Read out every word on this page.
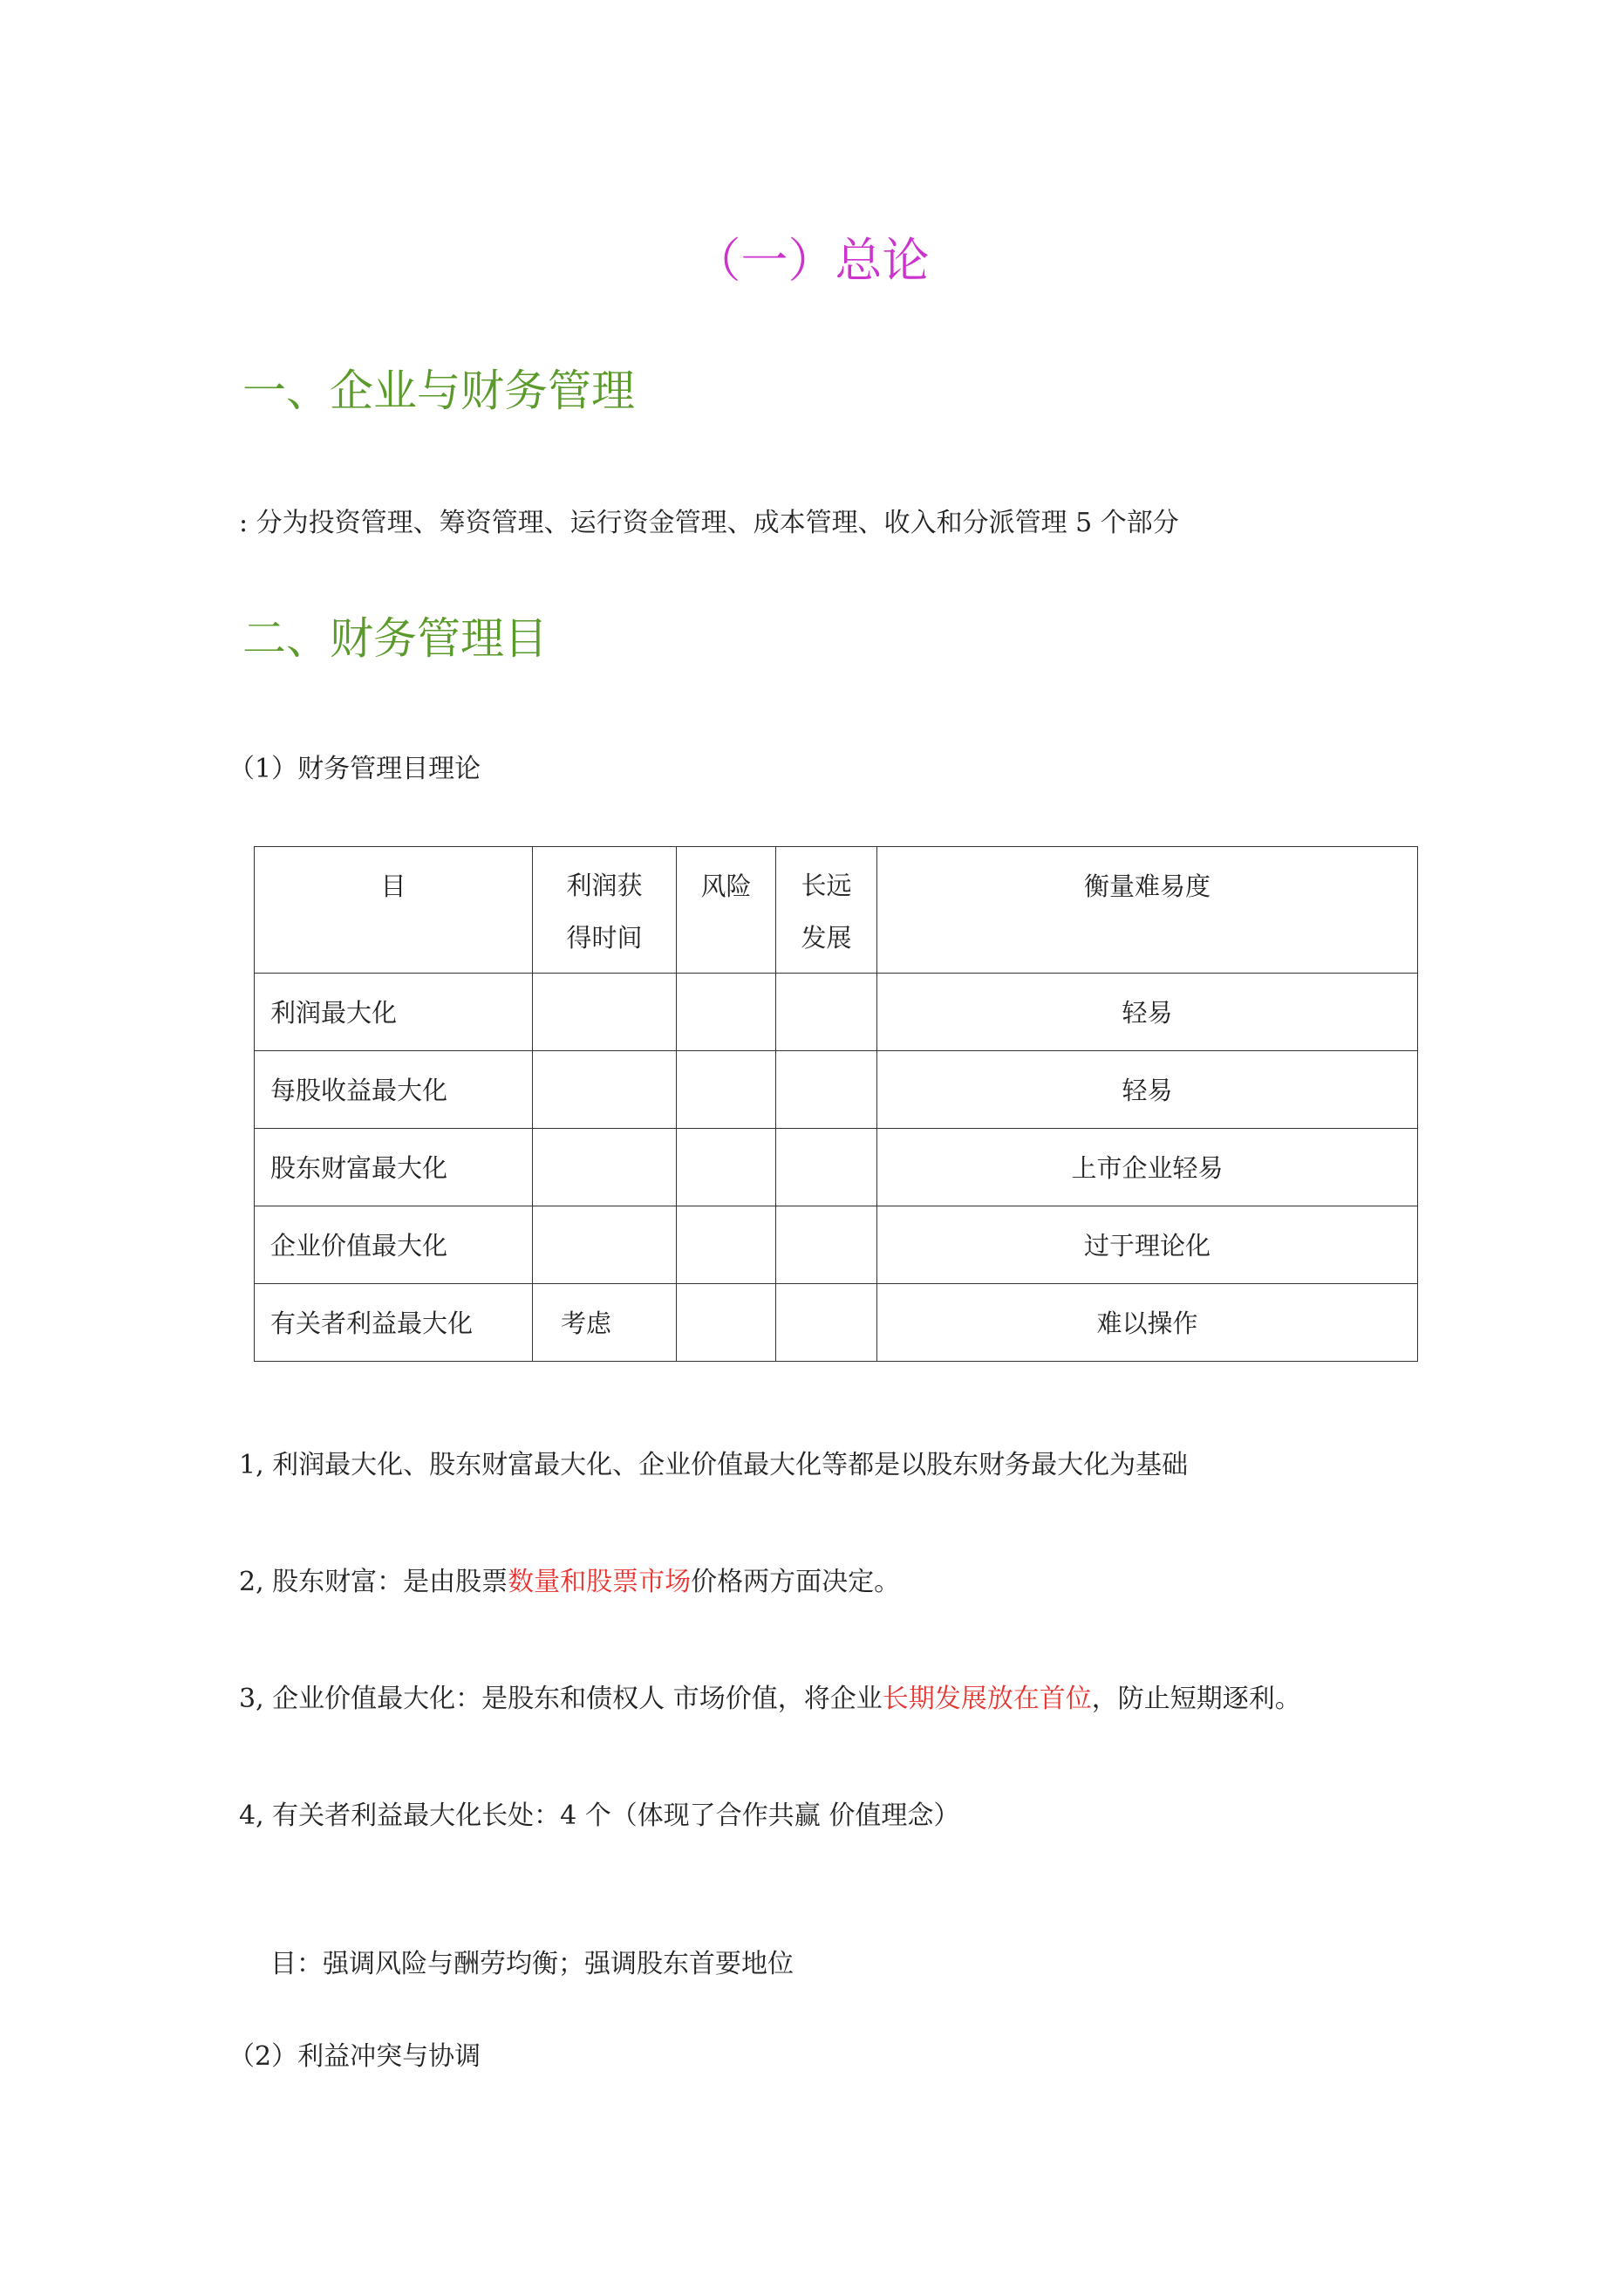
（一）总论
一、企业与财务管理
: 分为投资管理、筹资管理、运行资金管理、成本管理、收入和分派管理 5 个部分
二、财务管理目
（1）财务管理目理论
目	利润获得时间	风险	长远发展	衡量难易度

利润最大化				轻易

每股收益最大化				轻易

股东财富最大化				上市企业轻易

企业价值最大化				过于理论化

有关者利益最大化	考虑			难以操作
1, 利润最大化、股东财富最大化、企业价值最大化等都是以股东财务最大化为基础
2, 股东财富：是由股票数量和股票市场价格两方面决定。
3, 企业价值最大化：是股东和债权人 市场价值，将企业长期发展放在首位，防止短期逐利。
4, 有关者利益最大化长处：4 个（体现了合作共赢 价值理念）
目：强调风险与酬劳均衡；强调股东首要地位
（2）利益冲突与协调
